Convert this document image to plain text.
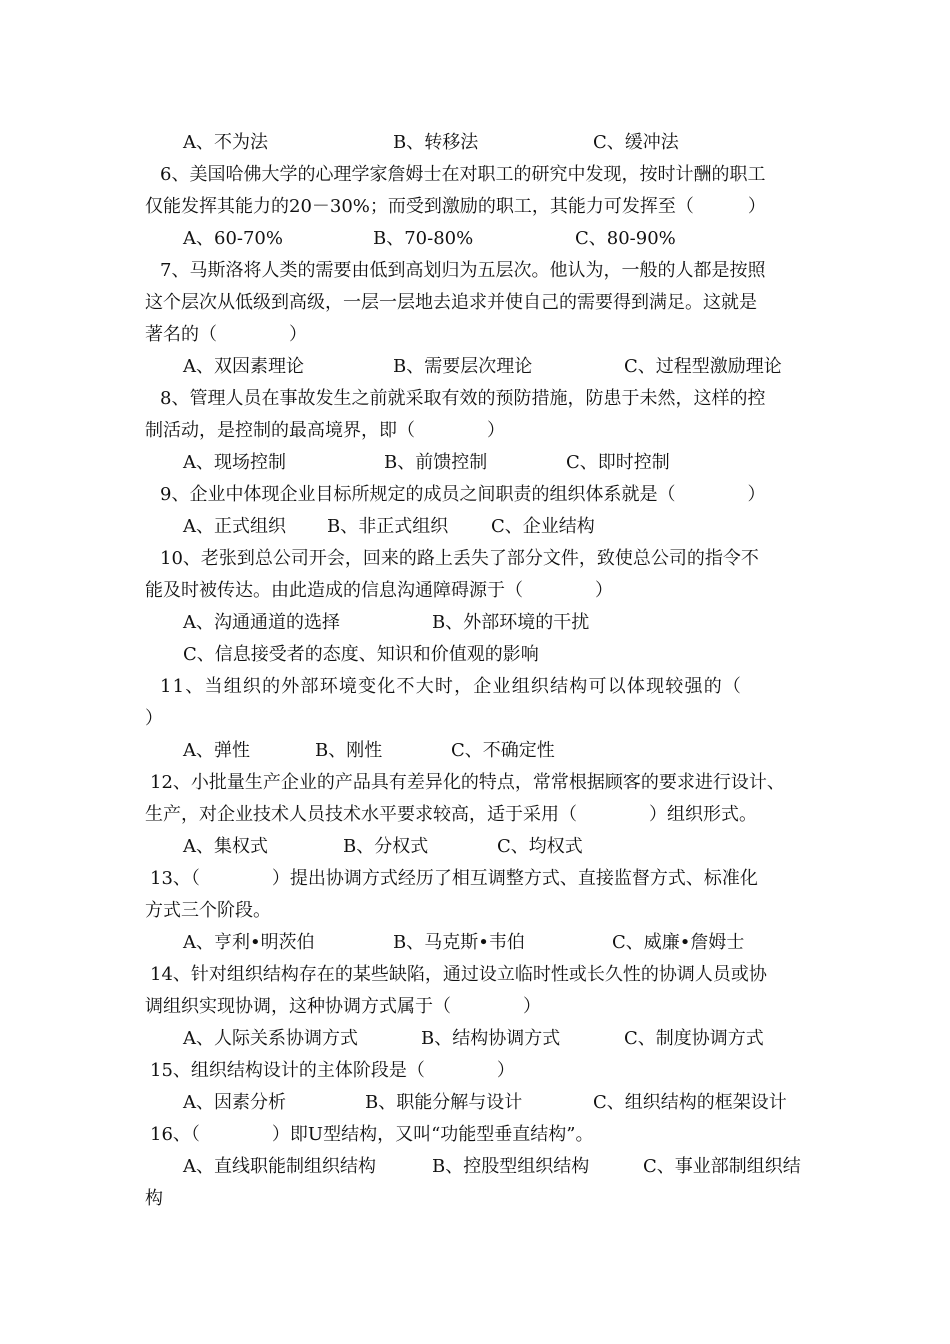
A、不为法	B、转移法	C、缓冲法
6、美国哈佛大学的心理学家詹姆士在对职工的研究中发现，按时计酬的职工
仅能发挥其能力的20－30%；而受到激励的职工，其能力可发挥至（　　　）
A、60-70%	B、70-80%	C、80-90%
7、马斯洛将人类的需要由低到高划归为五层次。他认为，一般的人都是按照
这个层次从低级到高级，一层一层地去追求并使自己的需要得到满足。这就是
著名的（　　　　）
A、双因素理论	B、需要层次理论	C、过程型激励理论
8、管理人员在事故发生之前就采取有效的预防措施，防患于未然，这样的控
制活动，是控制的最高境界，即（　　　　）
A、现场控制	B、前馈控制	C、即时控制
9、企业中体现企业目标所规定的成员之间职责的组织体系就是（　　　　）
A、正式组织 B、非正式组织 C、企业结构
10、老张到总公司开会，回来的路上丢失了部分文件，致使总公司的指令不
能及时被传达。由此造成的信息沟通障碍源于（　　　　）
A、沟通通道的选择	B、外部环境的干扰
C、信息接受者的态度、知识和价值观的影响
11、当组织的外部环境变化不大时，企业组织结构可以体现较强的（
）
A、弹性	B、刚性	C、不确定性
12、小批量生产企业的产品具有差异化的特点，常常根据顾客的要求进行设计、
生产，对企业技术人员技术水平要求较高，适于采用（　　　　）组织形式。
A、集权式	B、分权式	C、均权式
13、（　　　　）提出协调方式经历了相互调整方式、直接监督方式、标准化
方式三个阶段。
A、亨利•明茨伯	B、马克斯•韦伯	C、威廉•詹姆士
14、针对组织结构存在的某些缺陷，通过设立临时性或长久性的协调人员或协
调组织实现协调，这种协调方式属于（　　　　）
A、人际关系协调方式	B、结构协调方式	C、制度协调方式
15、组织结构设计的主体阶段是（　　　　）
A、因素分析	B、职能分解与设计	C、组织结构的框架设计
16、（　　　　）即U型结构，又叫“功能型垂直结构”。
A、直线职能制组织结构	B、控股型组织结构	C、事业部制组织结
构
